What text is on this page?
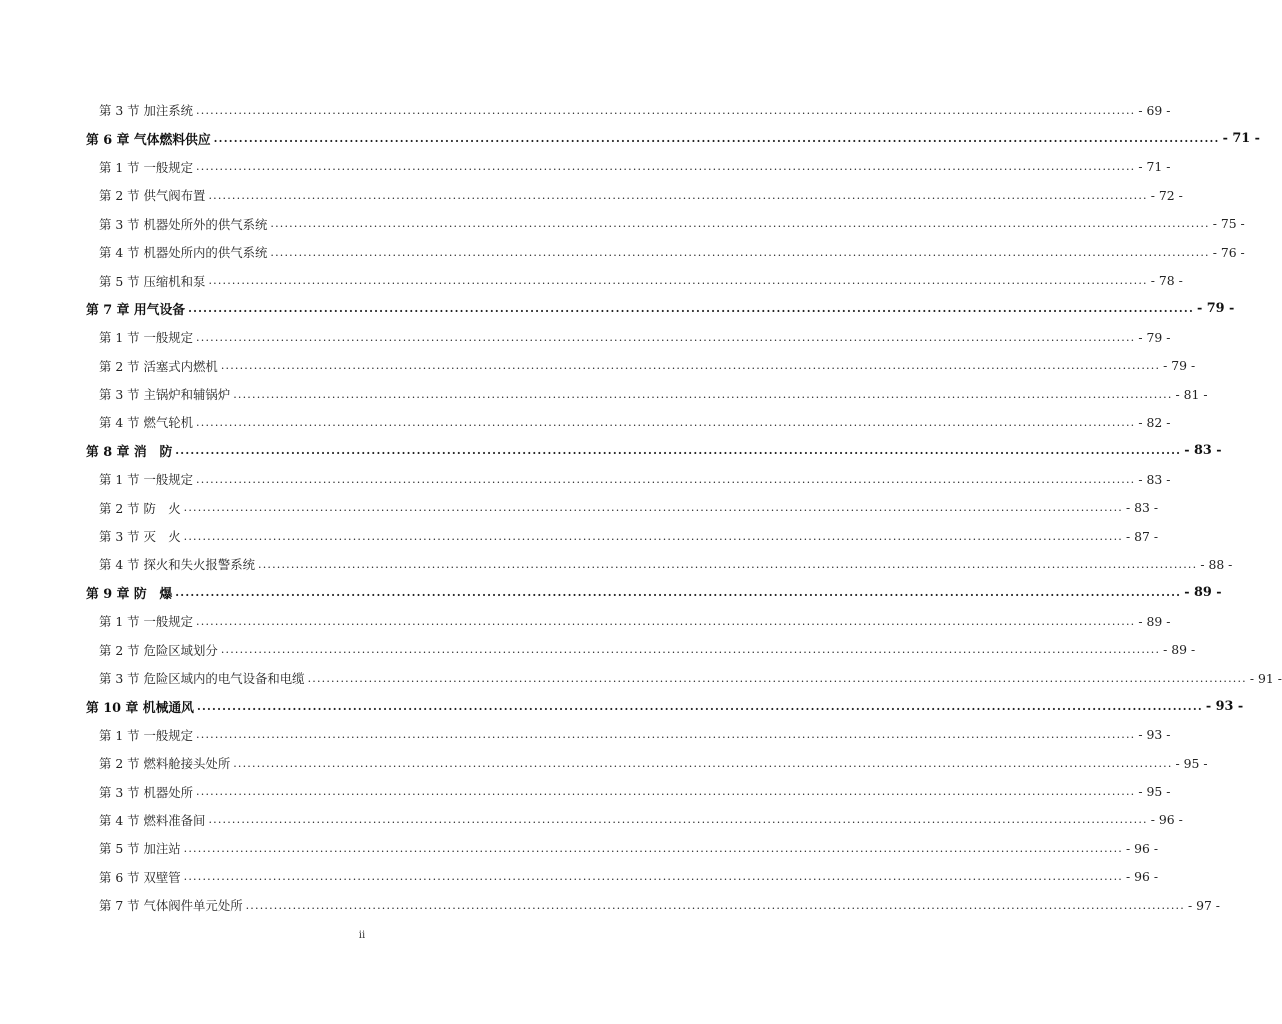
第 3 节 加注系统 ........................................................................................................................................................................................................ - 69 -
第 6 章 气体燃料供应 ........................................................................................................................................................................................................ - 71 -
第 1 节 一般规定 ........................................................................................................................................................................................................ - 71 -
第 2 节 供气阀布置 ........................................................................................................................................................................................................ - 72 -
第 3 节 机器处所外的供气系统 ........................................................................................................................................................................................................ - 75 -
第 4 节 机器处所内的供气系统 ........................................................................................................................................................................................................ - 76 -
第 5 节 压缩机和泵 ........................................................................................................................................................................................................ - 78 -
第 7 章 用气设备 ........................................................................................................................................................................................................ - 79 -
第 1 节 一般规定 ........................................................................................................................................................................................................ - 79 -
第 2 节 活塞式内燃机 ........................................................................................................................................................................................................ - 79 -
第 3 节 主锅炉和辅锅炉 ........................................................................................................................................................................................................ - 81 -
第 4 节 燃气轮机 ........................................................................................................................................................................................................ - 82 -
第 8 章 消　防 ........................................................................................................................................................................................................ - 83 -
第 1 节 一般规定 ........................................................................................................................................................................................................ - 83 -
第 2 节 防　火 ........................................................................................................................................................................................................ - 83 -
第 3 节 灭　火 ........................................................................................................................................................................................................ - 87 -
第 4 节 探火和失火报警系统 ........................................................................................................................................................................................................ - 88 -
第 9 章 防　爆 ........................................................................................................................................................................................................ - 89 -
第 1 节 一般规定 ........................................................................................................................................................................................................ - 89 -
第 2 节 危险区域划分 ........................................................................................................................................................................................................ - 89 -
第 3 节 危险区域内的电气设备和电缆 ........................................................................................................................................................................................................ - 91 -
第 10 章 机械通风 ........................................................................................................................................................................................................ - 93 -
第 1 节 一般规定 ........................................................................................................................................................................................................ - 93 -
第 2 节 燃料舱接头处所 ........................................................................................................................................................................................................ - 95 -
第 3 节 机器处所 ........................................................................................................................................................................................................ - 95 -
第 4 节 燃料准备间 ........................................................................................................................................................................................................ - 96 -
第 5 节 加注站 ........................................................................................................................................................................................................ - 96 -
第 6 节 双壁管 ........................................................................................................................................................................................................ - 96 -
第 7 节 气体阀件单元处所 ........................................................................................................................................................................................................ - 97 -
ii
